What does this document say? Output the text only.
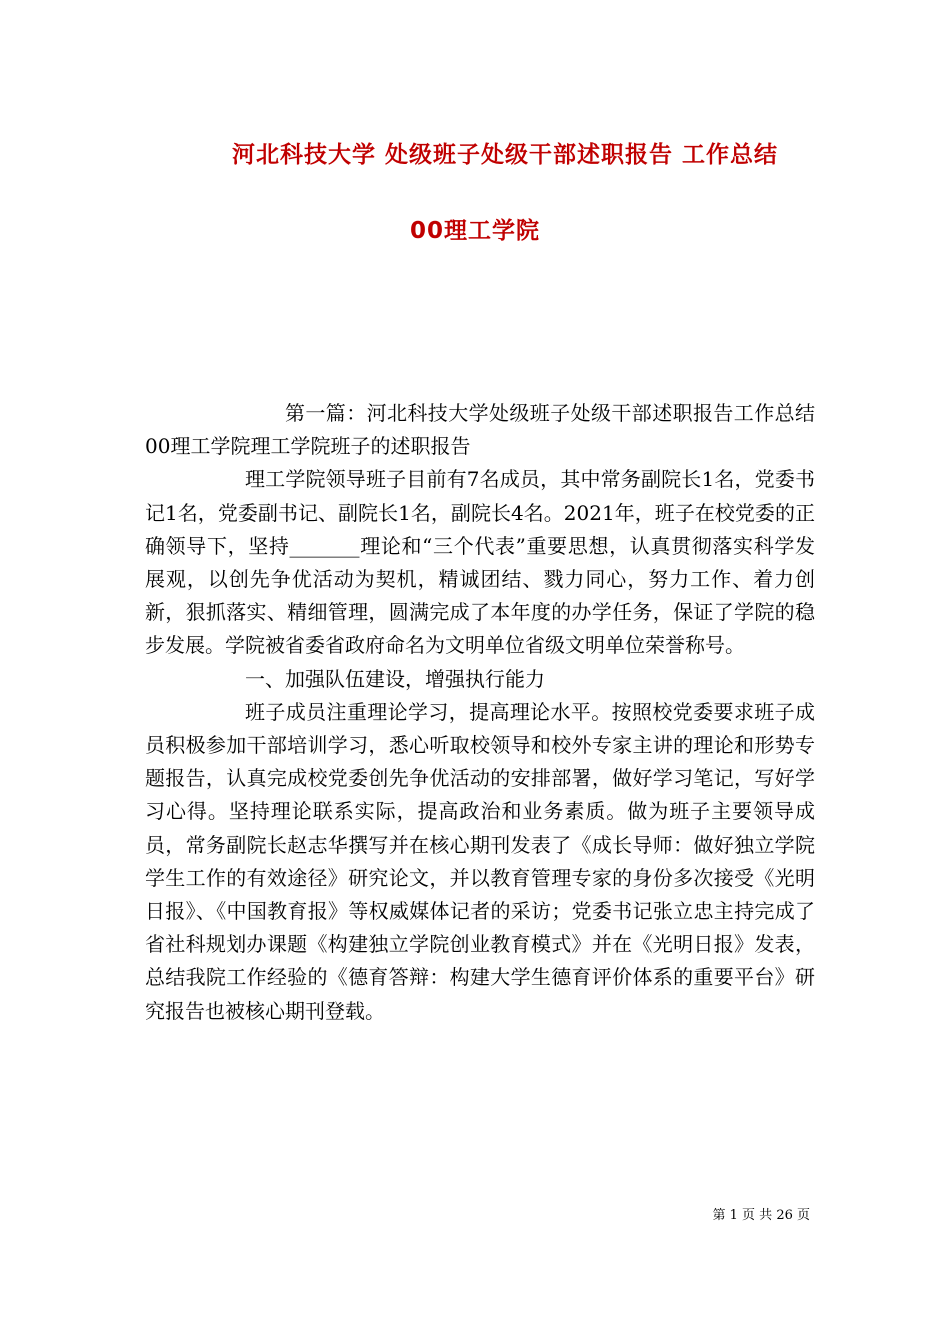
河北科技大学 处级班子处级干部述职报告 工作总结
00理工学院

第一篇：河北科技大学处级班子处级干部述职报告工作总结00理工学院理工学院班子的述职报告

理工学院领导班子目前有7名成员，其中常务副院长1名，党委书记1名，党委副书记、副院长1名，副院长4名。2021年，班子在校党委的正确领导下，坚持_______理论和“三个代表”重要思想，认真贯彻落实科学发展观，以创先争优活动为契机，精诚团结、戮力同心，努力工作、着力创新，狠抓落实、精细管理，圆满完成了本年度的办学任务，保证了学院的稳步发展。学院被省委省政府命名为文明单位省级文明单位荣誉称号。

一、加强队伍建设，增强执行能力

班子成员注重理论学习，提高理论水平。按照校党委要求班子成员积极参加干部培训学习，悉心听取校领导和校外专家主讲的理论和形势专题报告，认真完成校党委创先争优活动的安排部署，做好学习笔记，写好学习心得。坚持理论联系实际，提高政治和业务素质。做为班子主要领导成员，常务副院长赵志华撰写并在核心期刊发表了《成长导师：做好独立学院学生工作的有效途径》研究论文，并以教育管理专家的身份多次接受《光明日报》、《中国教育报》等权威媒体记者的采访；党委书记张立忠主持完成了省社科规划办课题《构建独立学院创业教育模式》并在《光明日报》发表，总结我院工作经验的《德育答辩：构建大学生德育评价体系的重要平台》研究报告也被核心期刊登载。

第 1 页 共 26 页
